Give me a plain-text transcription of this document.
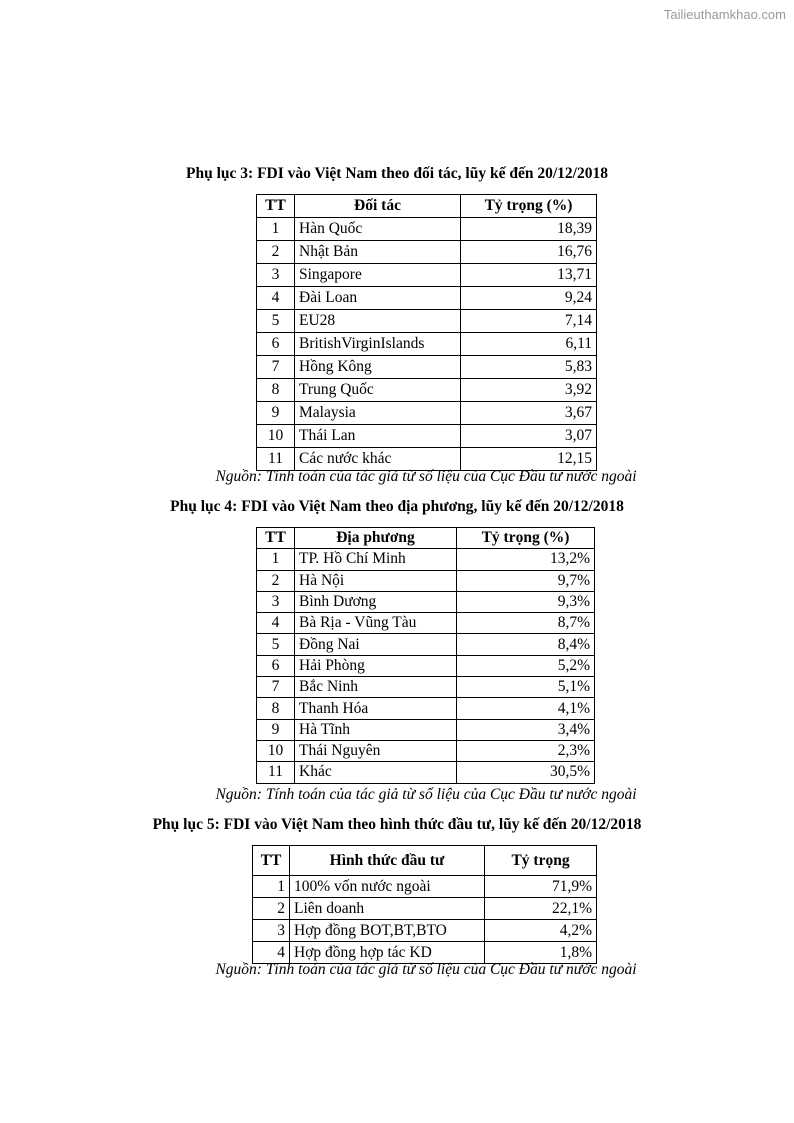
Tailieuthamkhao.com
Phụ lục 3: FDI vào Việt Nam theo đối tác, lũy kế đến 20/12/2018
TT	Đối tác	Tỷ trọng (%)
1	Hàn Quốc	18,39
2	Nhật Bản	16,76
3	Singapore	13,71
4	Đài Loan	9,24
5	EU28	7,14
6	BritishVirginIslands	6,11
7	Hồng Kông	5,83
8	Trung Quốc	3,92
9	Malaysia	3,67
10	Thái Lan	3,07
11	Các nước khác	12,15
Nguồn: Tính toán của tác giả từ số liệu của Cục Đầu tư nước ngoài
Phụ lục 4: FDI vào Việt Nam theo địa phương, lũy kế đến 20/12/2018
TT	Địa phương	Tỷ trọng (%)
1	TP. Hồ Chí Minh	13,2%
2	Hà Nội	9,7%
3	Bình Dương	9,3%
4	Bà Rịa - Vũng Tàu	8,7%
5	Đồng Nai	8,4%
6	Hải Phòng	5,2%
7	Bắc Ninh	5,1%
8	Thanh Hóa	4,1%
9	Hà Tĩnh	3,4%
10	Thái Nguyên	2,3%
11	Khác	30,5%
Nguồn: Tính toán của tác giả từ số liệu của Cục Đầu tư nước ngoài
Phụ lục 5: FDI vào Việt Nam theo hình thức đầu tư, lũy kế đến 20/12/2018
TT	Hình thức đầu tư	Tỷ trọng
1	100% vốn nước ngoài	71,9%
2	Liên doanh	22,1%
3	Hợp đồng BOT,BT,BTO	4,2%
4	Hợp đồng hợp tác KD	1,8%
Nguồn: Tính toán của tác giả từ số liệu của Cục Đầu tư nước ngoài
